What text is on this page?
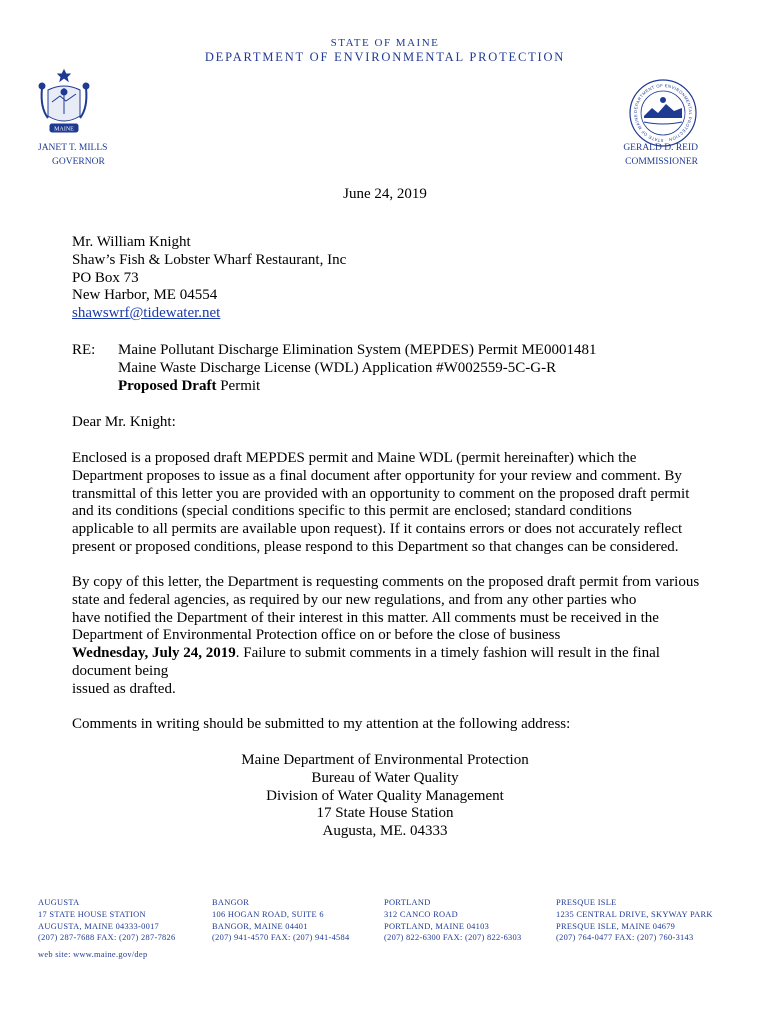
STATE OF MAINE
DEPARTMENT OF ENVIRONMENTAL PROTECTION
MAINE
DEPARTMENT OF ENVIRONMENTAL PROTECTION · STATE OF MAINE
JANET T. MILLS
GOVERNOR
GERALD D. REID
COMMISSIONER
June 24, 2019
Mr. William Knight
Shaw’s Fish & Lobster Wharf Restaurant, Inc
PO Box 73
New Harbor, ME 04554
shawswrf@tidewater.net
RE: Maine Pollutant Discharge Elimination System (MEPDES) Permit ME0001481
Maine Waste Discharge License (WDL) Application #W002559-5C-G-R
Proposed Draft Permit
Dear Mr. Knight:
Enclosed is a proposed draft MEPDES permit and Maine WDL (permit hereinafter) which the
Department proposes to issue as a final document after opportunity for your review and comment. By
transmittal of this letter you are provided with an opportunity to comment on the proposed draft permit
and its conditions (special conditions specific to this permit are enclosed; standard conditions
applicable to all permits are available upon request). If it contains errors or does not accurately reflect
present or proposed conditions, please respond to this Department so that changes can be considered.
By copy of this letter, the Department is requesting comments on the proposed draft permit from various
state and federal agencies, as required by our new regulations, and from any other parties who
have notified the Department of their interest in this matter. All comments must be received in the
Department of Environmental Protection office on or before the close of business
Wednesday, July 24, 2019. Failure to submit comments in a timely fashion will result in the final
document being
issued as drafted.
Comments in writing should be submitted to my attention at the following address:
Maine Department of Environmental Protection
Bureau of Water Quality
Division of Water Quality Management
17 State House Station
Augusta, ME. 04333
AUGUSTA
17 STATE HOUSE STATION
AUGUSTA, MAINE 04333-0017
(207) 287-7688 FAX: (207) 287-7826
BANGOR
106 HOGAN ROAD, SUITE 6
BANGOR, MAINE 04401
(207) 941-4570 FAX: (207) 941-4584
PORTLAND
312 CANCO ROAD
PORTLAND, MAINE 04103
(207) 822-6300 FAX: (207) 822-6303
PRESQUE ISLE
1235 CENTRAL DRIVE, SKYWAY PARK
PRESQUE ISLE, MAINE 04679
(207) 764-0477 FAX: (207) 760-3143
web site: www.maine.gov/dep
